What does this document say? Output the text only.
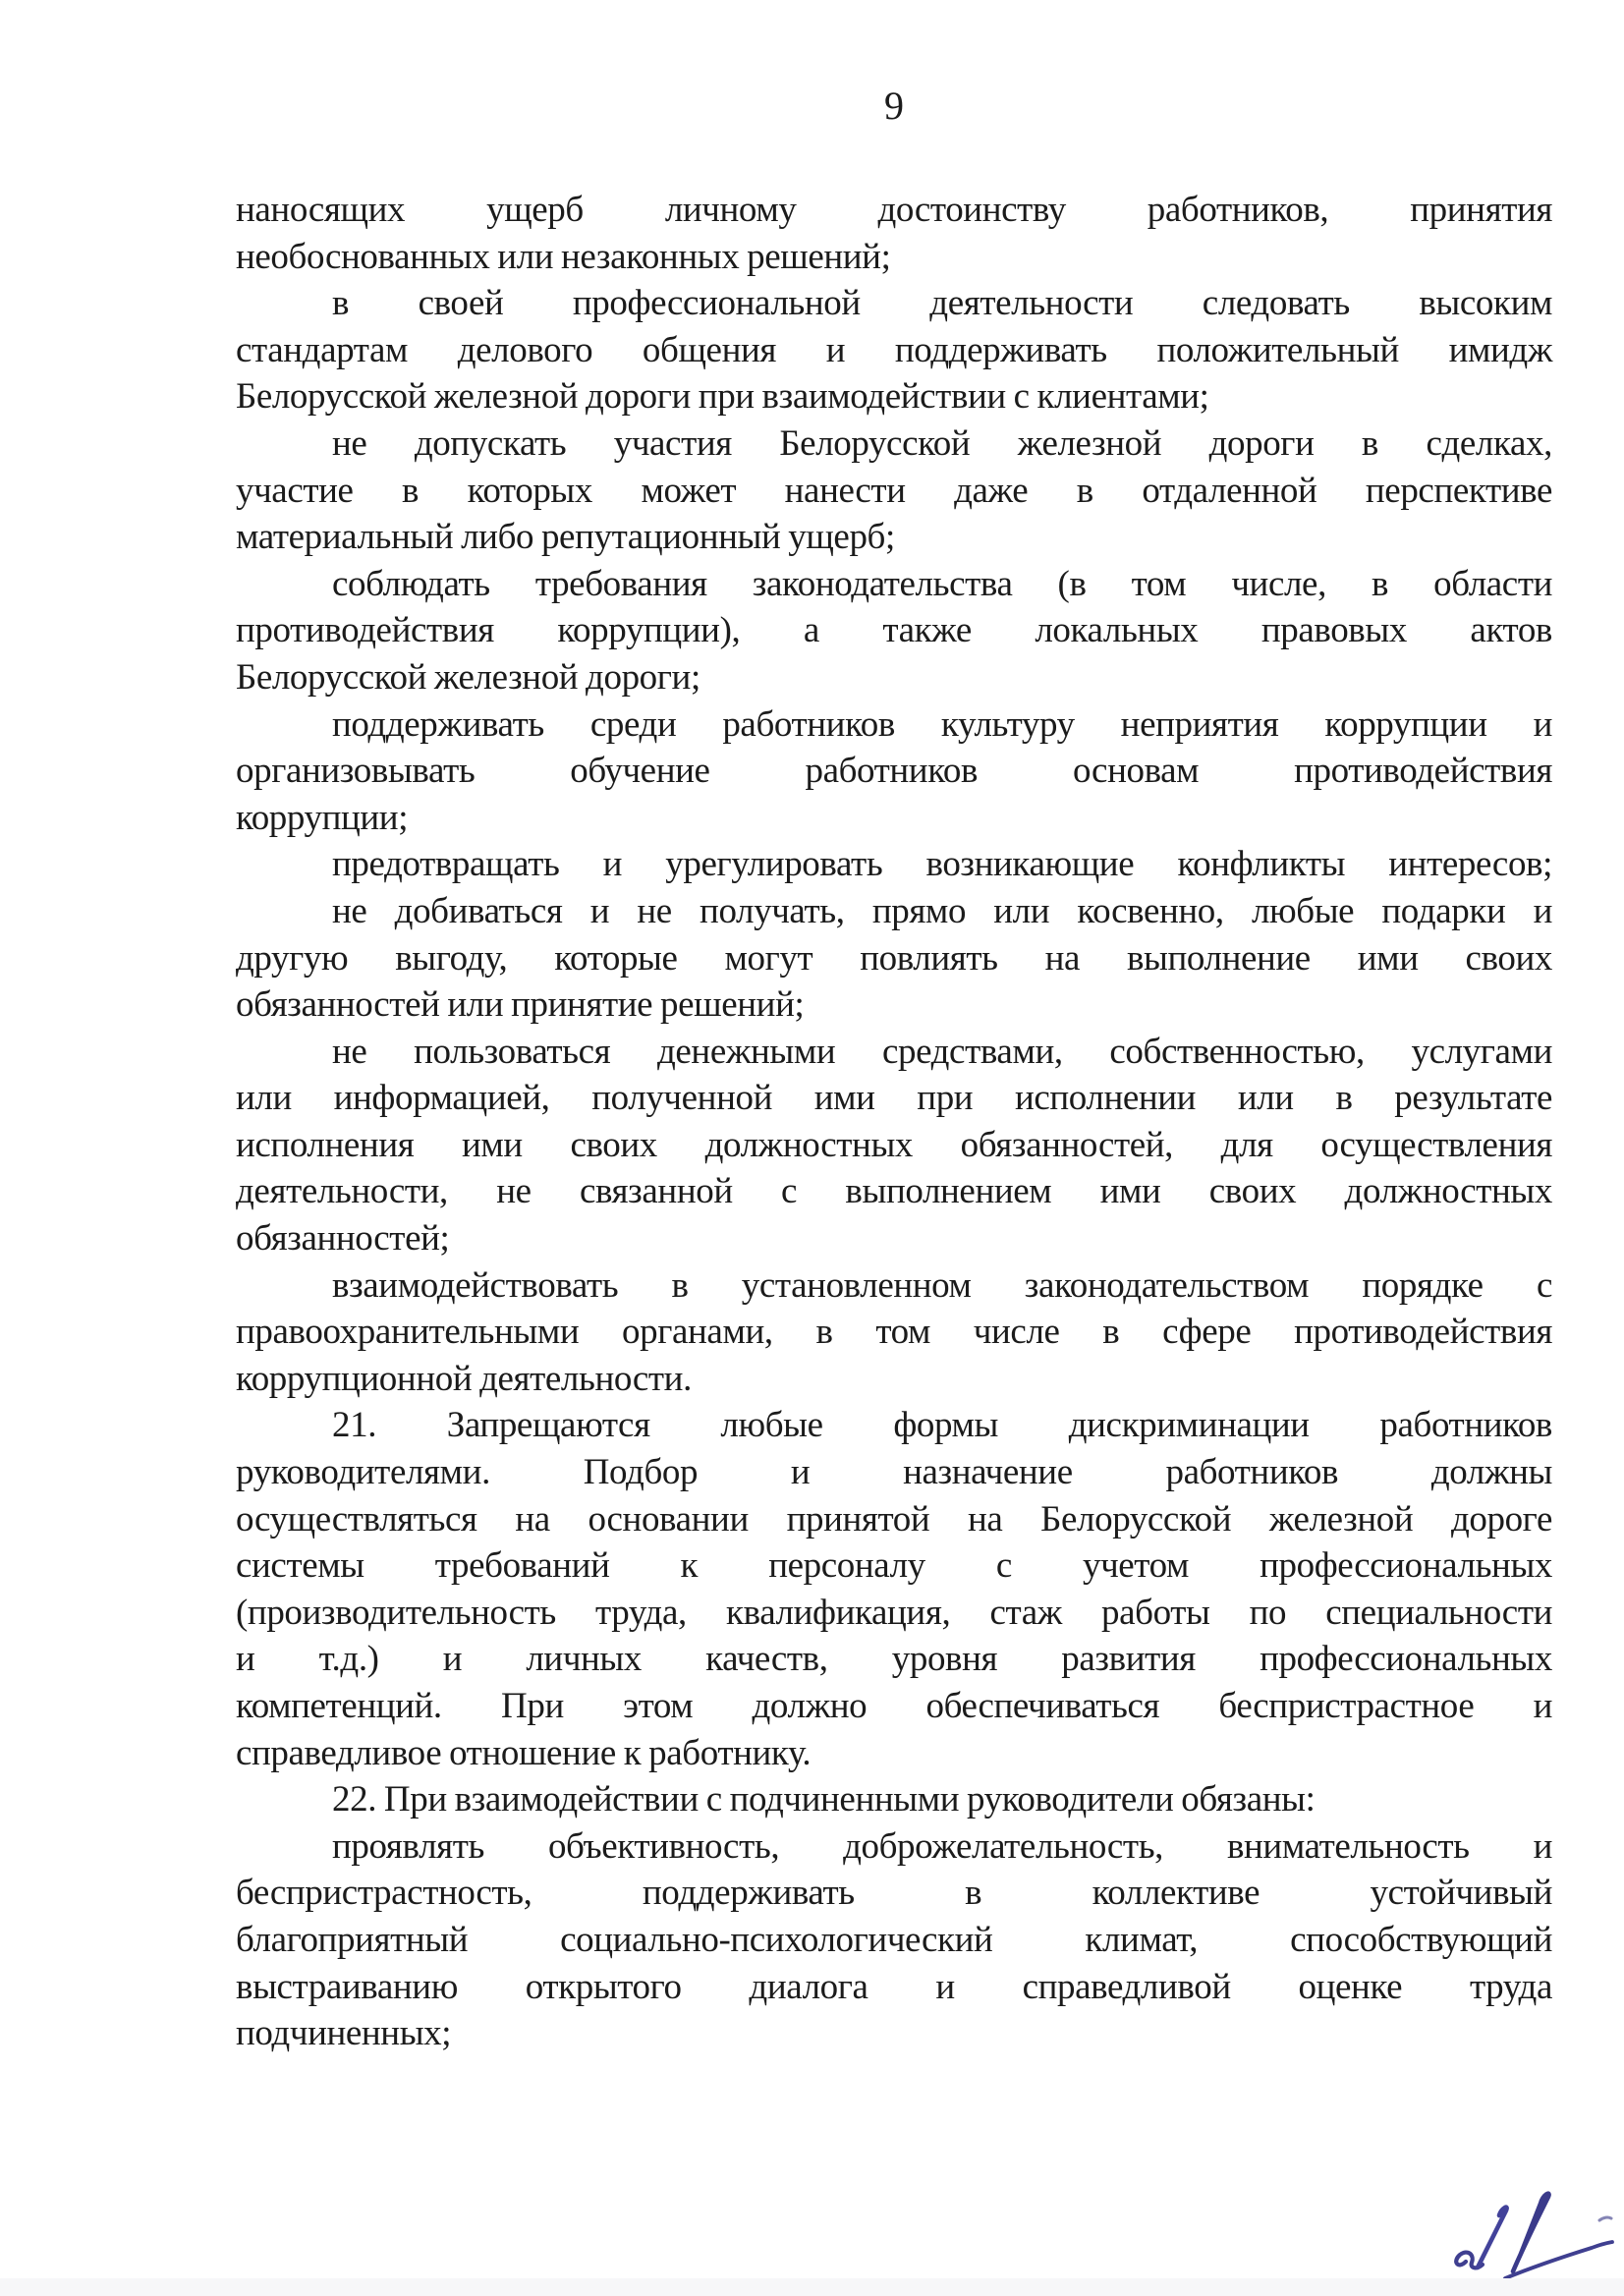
9
наносящих ущерб личному достоинству работников, принятия
необоснованных или незаконных решений;
в своей профессиональной деятельности следовать высоким
стандартам делового общения и поддерживать положительный имидж
Белорусской железной дороги при взаимодействии с клиентами;
не допускать участия Белорусской железной дороги в сделках,
участие в которых может нанести даже в отдаленной перспективе
материальный либо репутационный ущерб;
соблюдать требования законодательства (в том числе, в области
противодействия коррупции), а также локальных правовых актов
Белорусской железной дороги;
поддерживать среди работников культуру неприятия коррупции и
организовывать обучение работников основам противодействия
коррупции;
предотвращать и урегулировать возникающие конфликты интересов;
не добиваться и не получать, прямо или косвенно, любые подарки и
другую выгоду, которые могут повлиять на выполнение ими своих
обязанностей или принятие решений;
не пользоваться денежными средствами, собственностью, услугами
или информацией, полученной ими при исполнении или в результате
исполнения ими своих должностных обязанностей, для осуществления
деятельности, не связанной с выполнением ими своих должностных
обязанностей;
взаимодействовать в установленном законодательством порядке с
правоохранительными органами, в том числе в сфере противодействия
коррупционной деятельности.
21. Запрещаются любые формы дискриминации работников
руководителями. Подбор и назначение работников должны
осуществляться на основании принятой на Белорусской железной дороге
системы требований к персоналу с учетом профессиональных
(производительность труда, квалификация, стаж работы по специальности
и т.д.) и личных качеств, уровня развития профессиональных
компетенций. При этом должно обеспечиваться беспристрастное и
справедливое отношение к работнику.
22. При взаимодействии с подчиненными руководители обязаны:
проявлять объективность, доброжелательность, внимательность и
беспристрастность, поддерживать в коллективе устойчивый
благоприятный социально-психологический климат, способствующий
выстраиванию открытого диалога и справедливой оценке труда
подчиненных;
